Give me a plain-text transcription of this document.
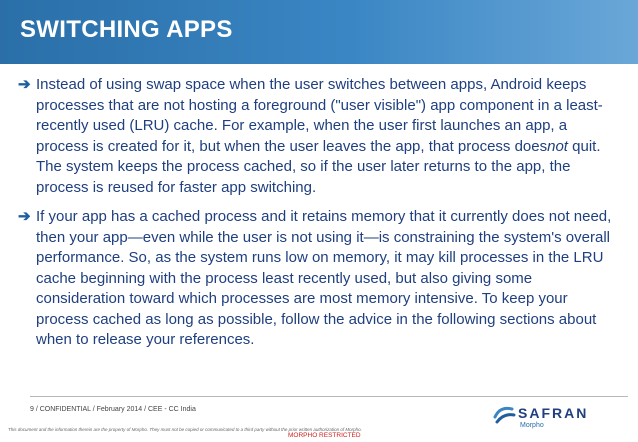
SWITCHING APPS
➔ Instead of using swap space when the user switches between apps, Android keeps processes that are not hosting a foreground ("user visible") app component in a least-recently used (LRU) cache. For example, when the user first launches an app, a process is created for it, but when the user leaves the app, that process doesnot quit. The system keeps the process cached, so if the user later returns to the app, the process is reused for faster app switching.
➔ If your app has a cached process and it retains memory that it currently does not need, then your app—even while the user is not using it—is constraining the system's overall performance. So, as the system runs low on memory, it may kill processes in the LRU cache beginning with the process least recently used, but also giving some consideration toward which processes are most memory intensive. To keep your process cached as long as possible, follow the advice in the following sections about when to release your references.
9 / CONFIDENTIAL / February 2014 / CEE - CC India
This document and the information therein are the property of Morpho. They must not be copied or communicated to a third party without the prior written authorization of Morpho.
MORPHO RESTRICTED
SAFRAN
Morpho
